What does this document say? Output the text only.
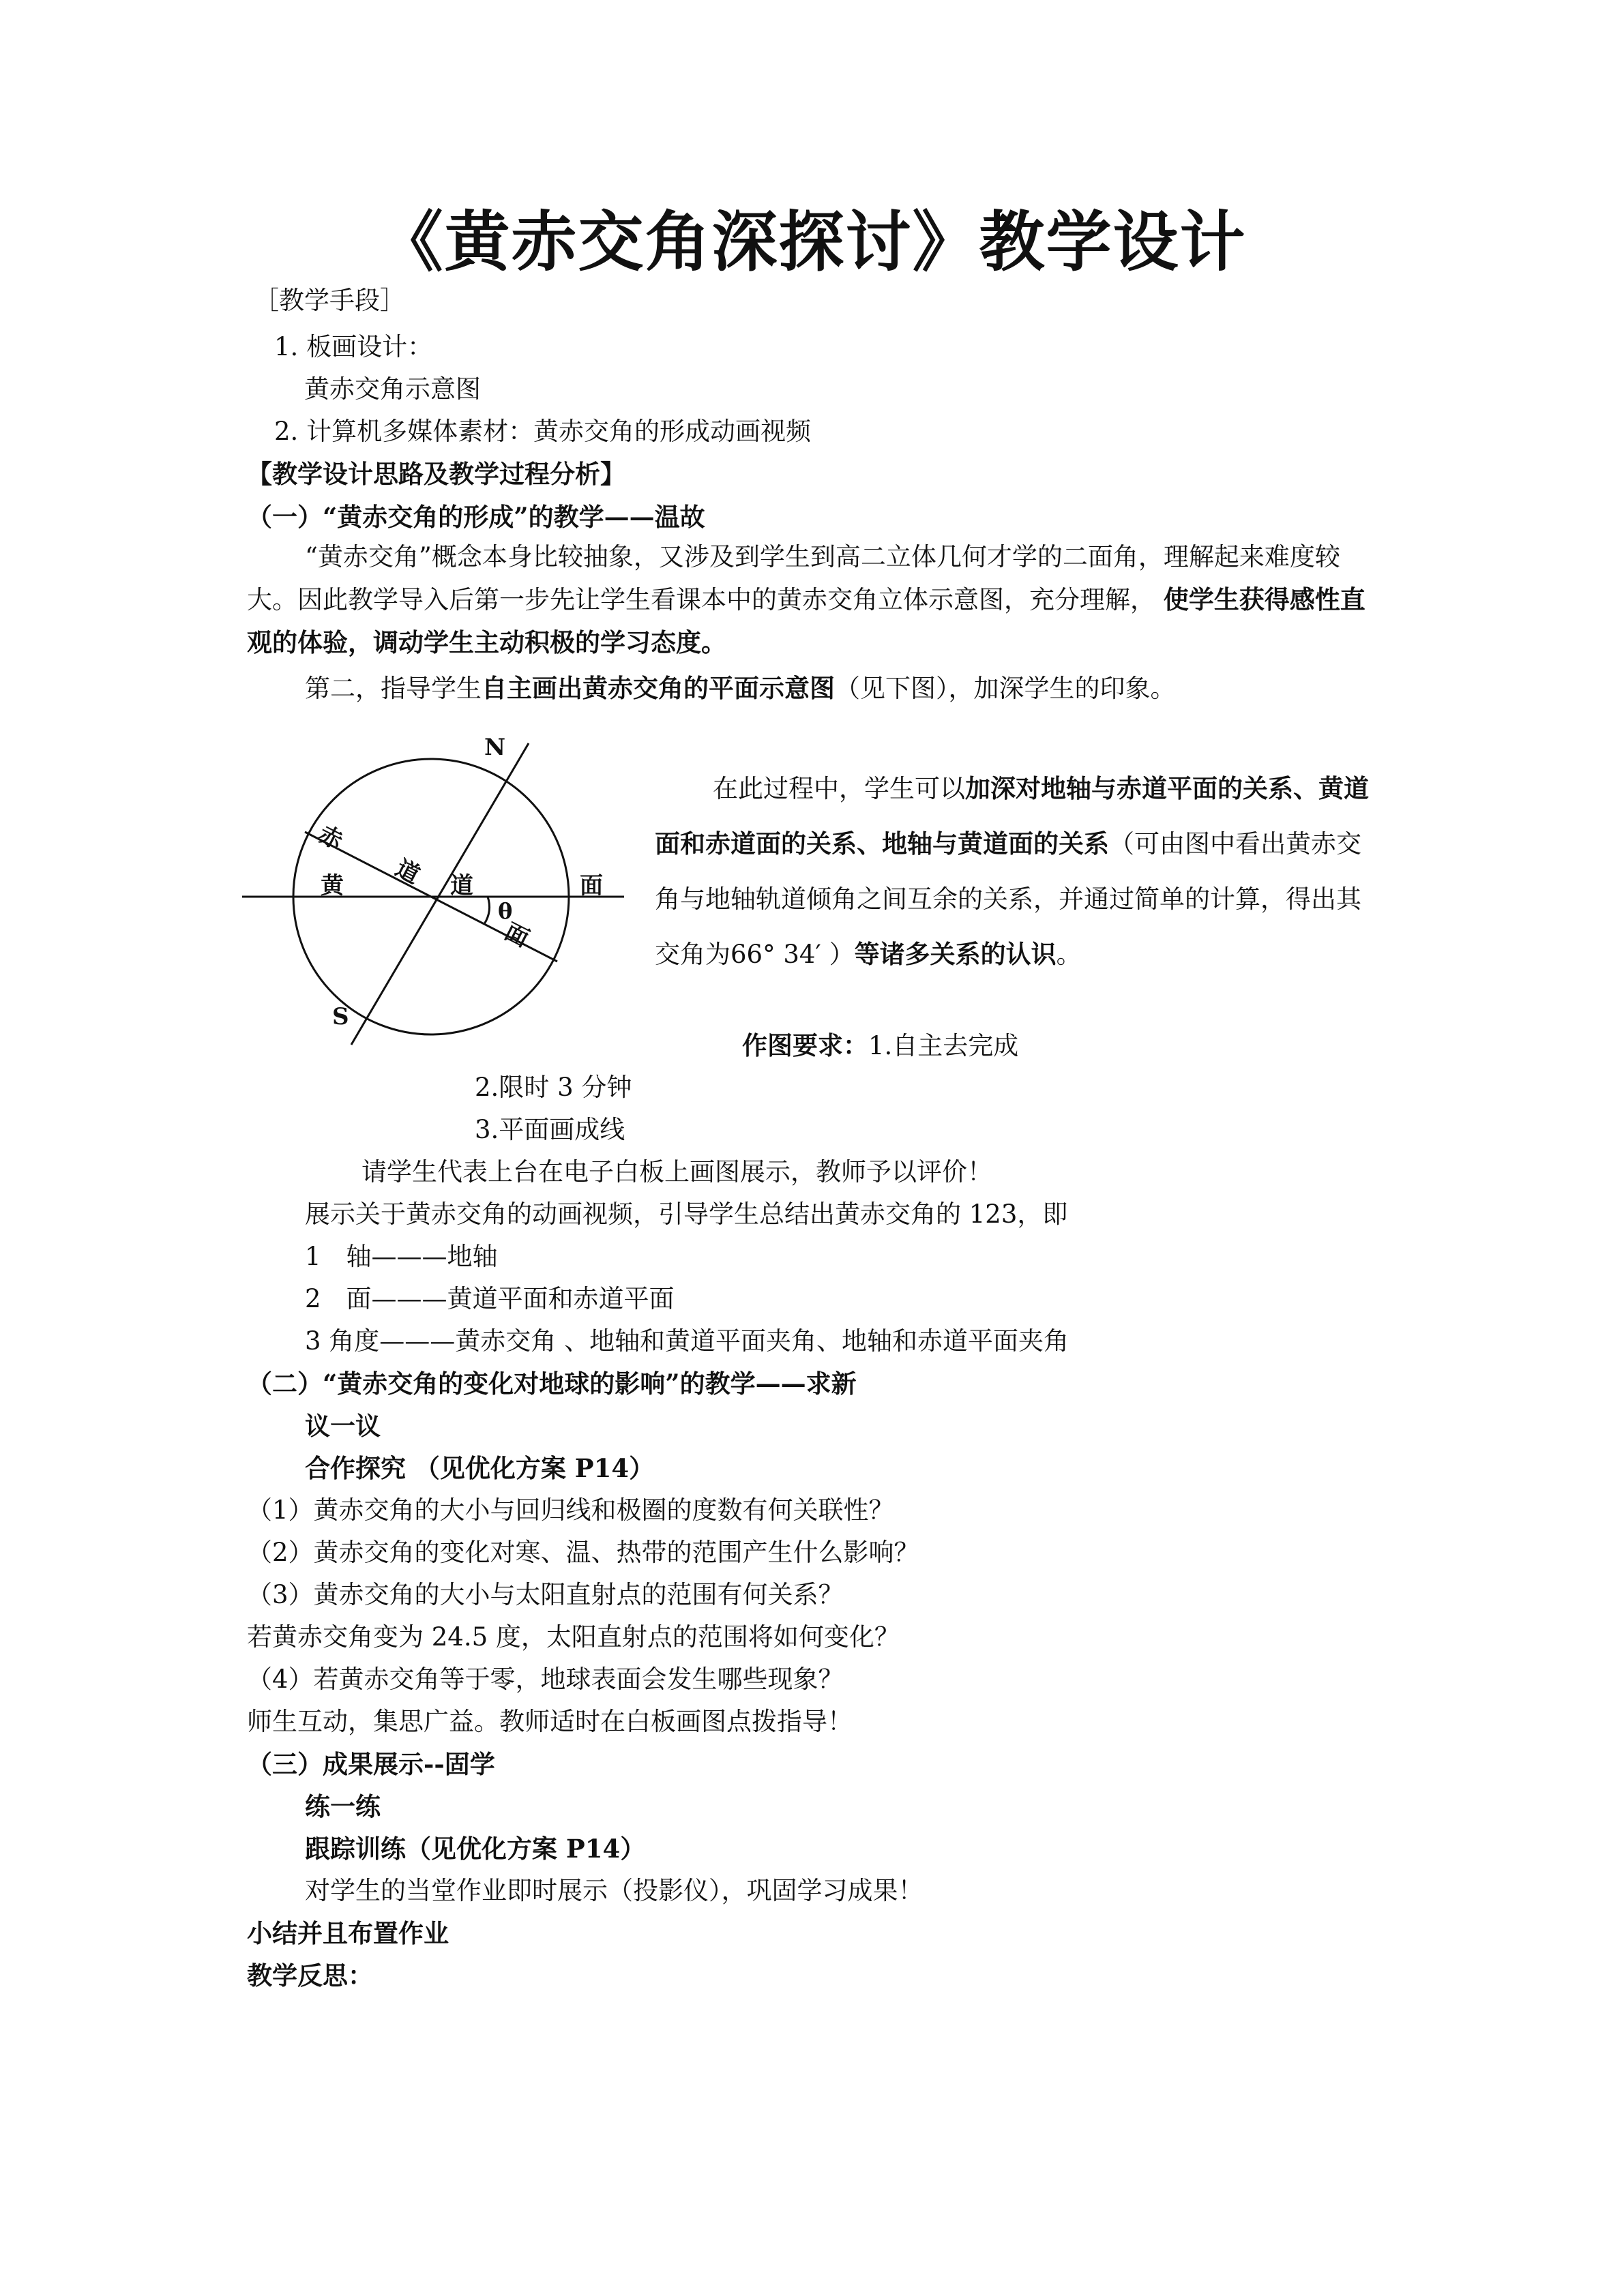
《黄赤交角深探讨》教学设计
［教学手段］
1. 板画设计：
黄赤交角示意图
2. 计算机多媒体素材：黄赤交角的形成动画视频
【教学设计思路及教学过程分析】
（一）“黄赤交角的形成”的教学——温故
“黄赤交角”概念本身比较抽象，又涉及到学生到高二立体几何才学的二面角，理解起来难度较大。因此教学导入后第一步先让学生看课本中的黄赤交角立体示意图，充分理解， 使学生获得感性直观的体验，调动学生主动积极的学习态度。
第二，指导学生自主画出黄赤交角的平面示意图（见下图），加深学生的印象。
N
S
θ
黄	道	面
赤
道
面
在此过程中，学生可以加深对地轴与赤道平面的关系、黄道面和赤道面的关系、地轴与黄道面的关系（可由图中看出黄赤交角与地轴轨道倾角之间互余的关系，并通过简单的计算，得出其交角为66° 34′ ）等诸多关系的认识。
作图要求：1.自主去完成
2.限时 3 分钟
3.平面画成线
请学生代表上台在电子白板上画图展示，教师予以评价！
展示关于黄赤交角的动画视频，引导学生总结出黄赤交角的 123，即
1　轴———地轴
2　面———黄道平面和赤道平面
3 角度———黄赤交角 、地轴和黄道平面夹角、地轴和赤道平面夹角
（二）“黄赤交角的变化对地球的影响”的教学——求新
议一议
合作探究 （见优化方案 P14）
（1）黄赤交角的大小与回归线和极圈的度数有何关联性？
（2）黄赤交角的变化对寒、温、热带的范围产生什么影响？
（3）黄赤交角的大小与太阳直射点的范围有何关系？
若黄赤交角变为 24.5 度，太阳直射点的范围将如何变化？
（4）若黄赤交角等于零，地球表面会发生哪些现象？
师生互动，集思广益。教师适时在白板画图点拨指导！
（三）成果展示--固学
练一练
跟踪训练（见优化方案 P14）
对学生的当堂作业即时展示（投影仪），巩固学习成果！
小结并且布置作业
教学反思：
